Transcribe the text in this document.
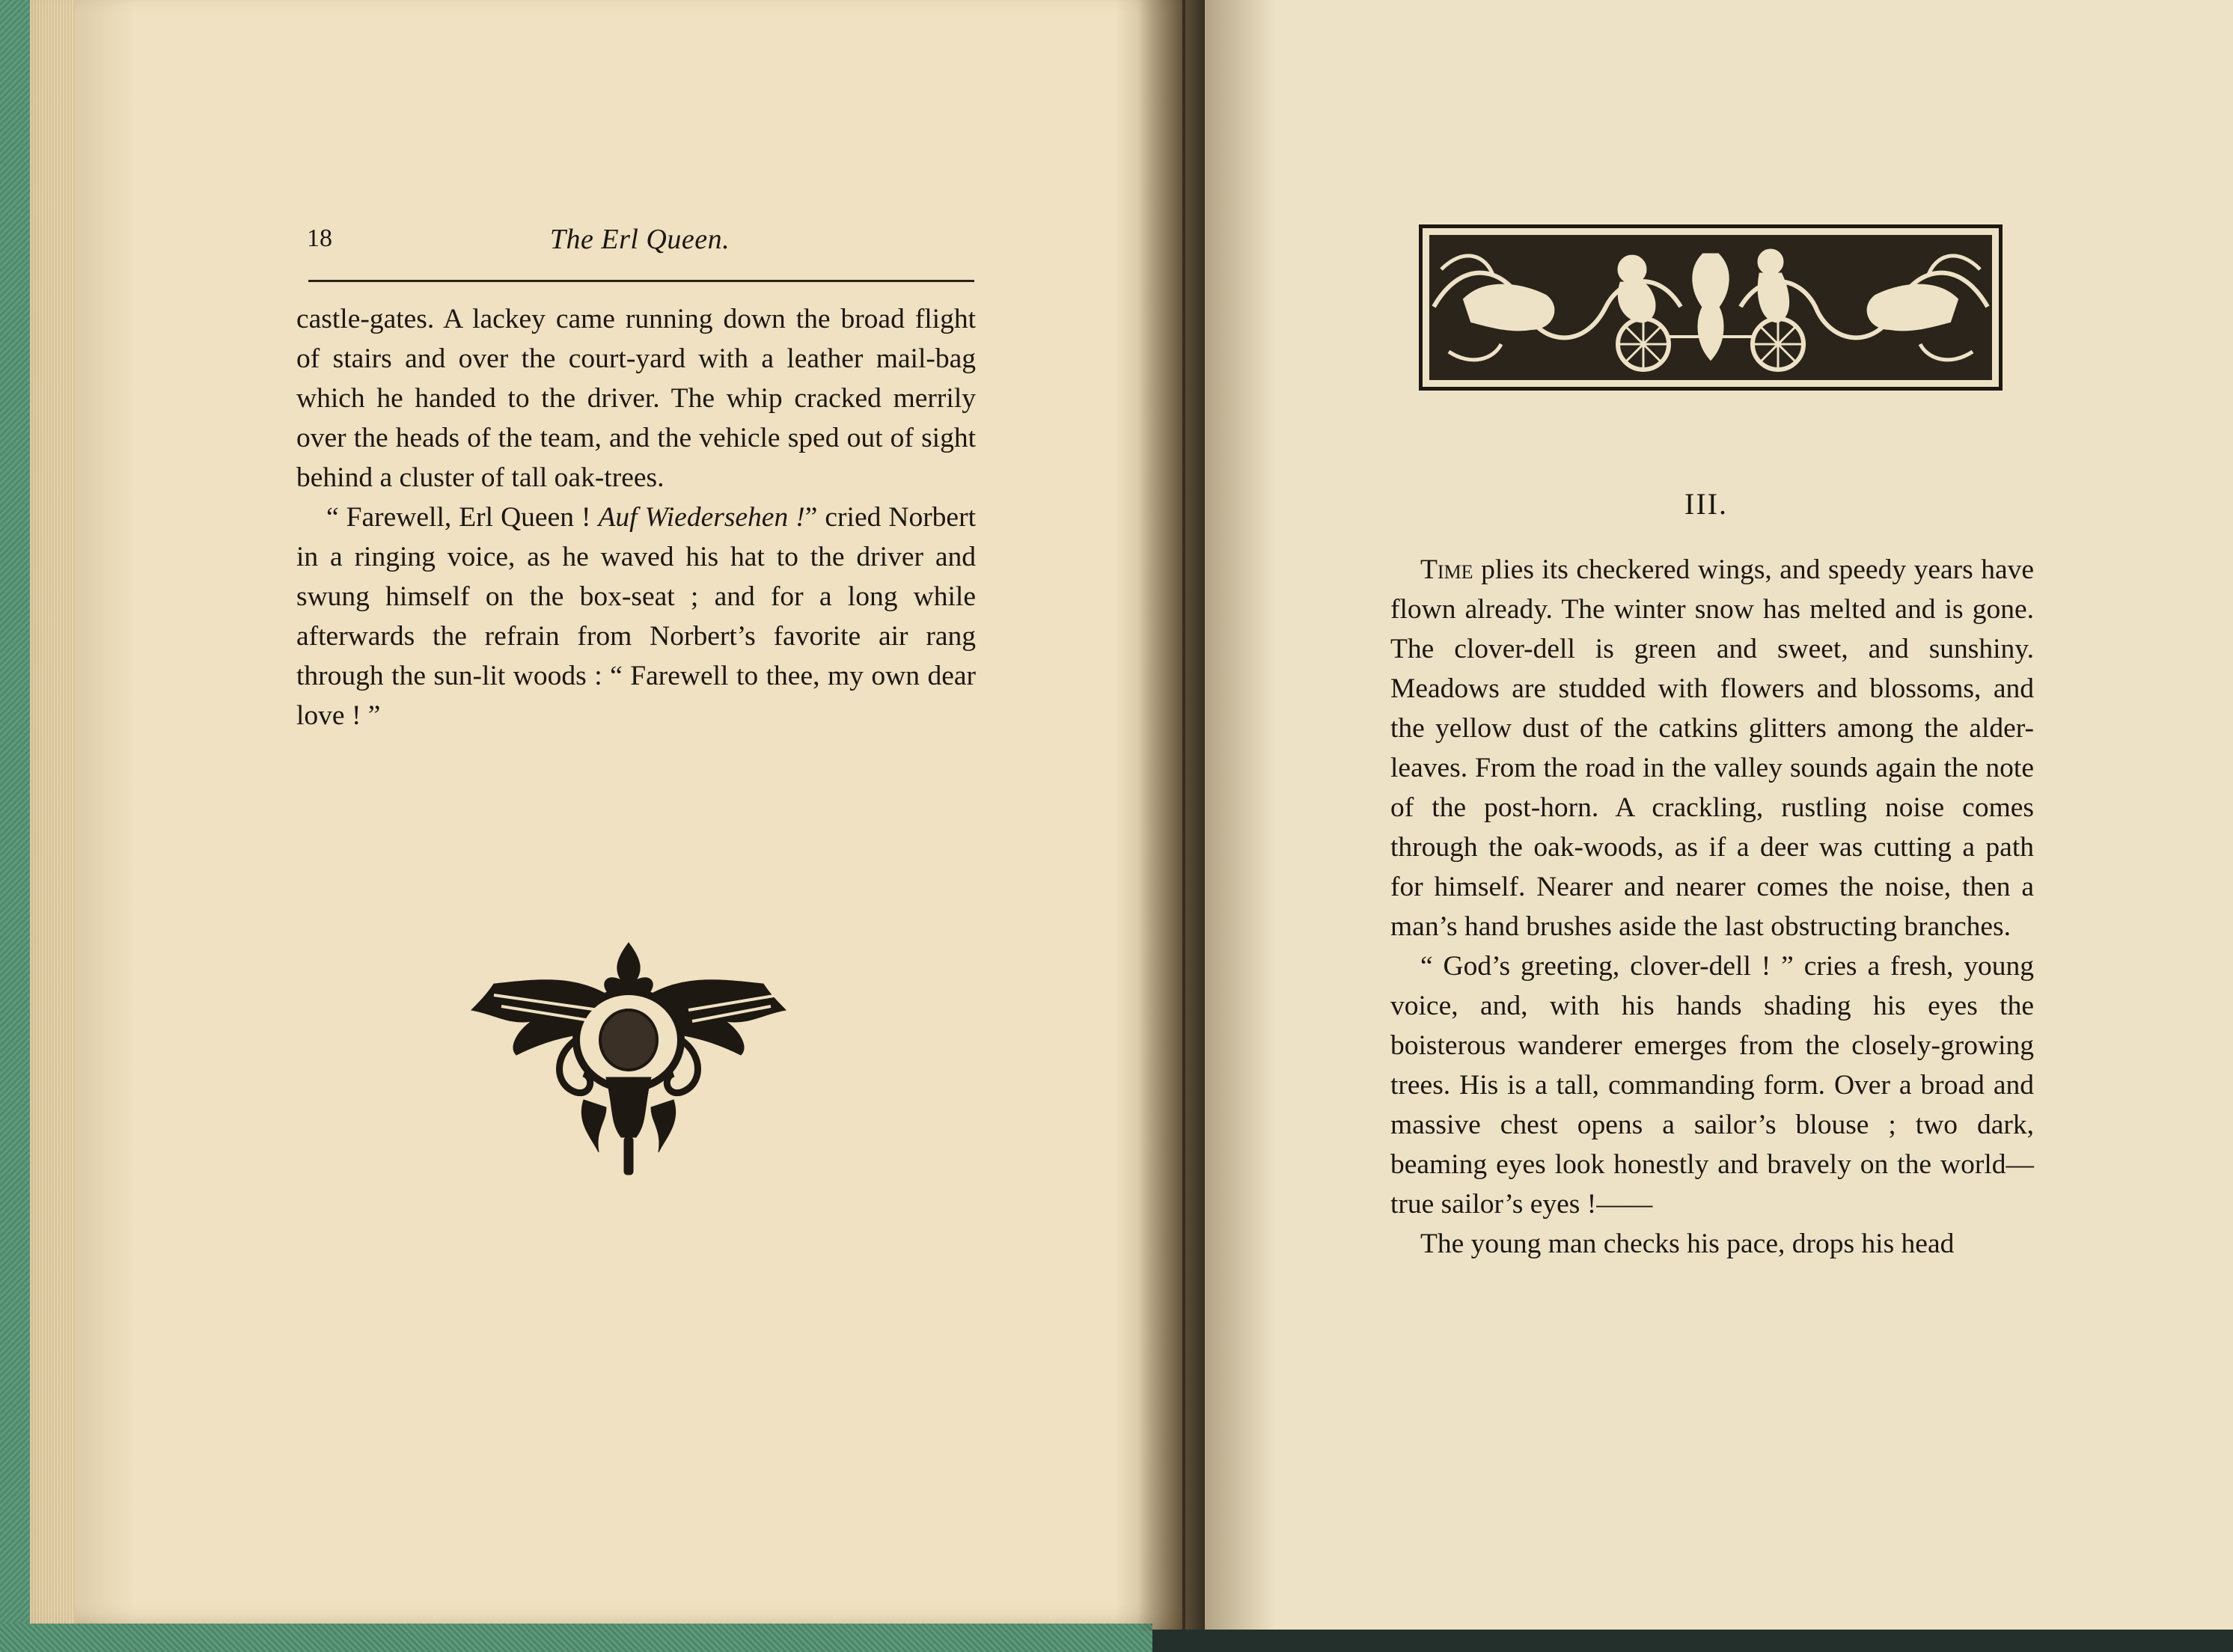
18	The Erl Queen.

castle-gates. A lackey came running down the broad flight of stairs and over the court-yard with a leather mail-bag which he handed to the driver. The whip cracked merrily over the heads of the team, and the vehicle sped out of sight behind a cluster of tall oak-trees.

“ Farewell, Erl Queen ! Auf Wiedersehen !” cried Norbert in a ringing voice, as he waved his hat to the driver and swung himself on the box-seat ; and for a long while afterwards the refrain from Norbert’s favorite air rang through the sun-lit woods : “ Farewell to thee, my own dear love ! ”

III.

Time plies its checkered wings, and speedy years have flown already. The winter snow has melted and is gone. The clover-dell is green and sweet, and sunshiny. Meadows are studded with flowers and blossoms, and the yellow dust of the catkins glitters among the alder-leaves. From the road in the valley sounds again the note of the post-horn. A crackling, rustling noise comes through the oak-woods, as if a deer was cutting a path for himself. Nearer and nearer comes the noise, then a man’s hand brushes aside the last obstructing branches.

“ God’s greeting, clover-dell ! ” cries a fresh, young voice, and, with his hands shading his eyes the boisterous wanderer emerges from the closely-growing trees. His is a tall, commanding form. Over a broad and massive chest opens a sailor’s blouse ; two dark, beaming eyes look honestly and bravely on the world—true sailor’s eyes !——

The young man checks his pace, drops his head
